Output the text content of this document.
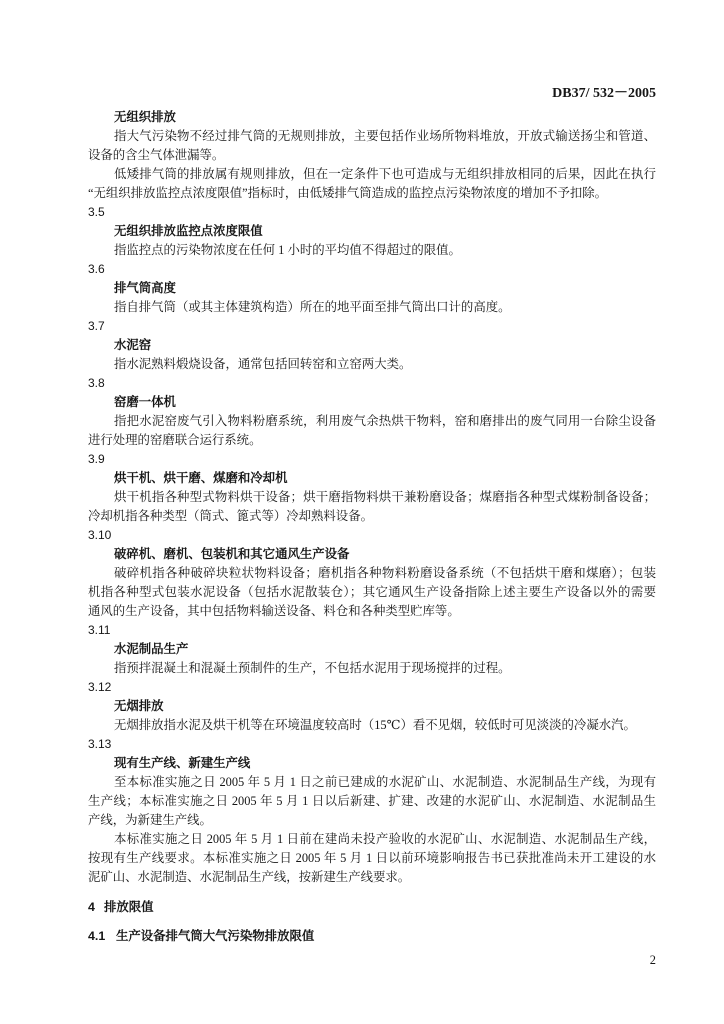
DB37/ 532－2005
无组织排放
指大气污染物不经过排气筒的无规则排放，主要包括作业场所物料堆放，开放式输送扬尘和管道、
设备的含尘气体泄漏等。
低矮排气筒的排放属有规则排放，但在一定条件下也可造成与无组织排放相同的后果，因此在执行
“无组织排放监控点浓度限值”指标时，由低矮排气筒造成的监控点污染物浓度的增加不予扣除。
3.5
无组织排放监控点浓度限值
指监控点的污染物浓度在任何 1 小时的平均值不得超过的限值。
3.6
排气筒高度
指自排气筒（或其主体建筑构造）所在的地平面至排气筒出口计的高度。
3.7
水泥窑
指水泥熟料煅烧设备，通常包括回转窑和立窑两大类。
3.8
窑磨一体机
指把水泥窑废气引入物料粉磨系统，利用废气余热烘干物料，窑和磨排出的废气同用一台除尘设备
进行处理的窑磨联合运行系统。
3.9
烘干机、烘干磨、煤磨和冷却机
烘干机指各种型式物料烘干设备；烘干磨指物料烘干兼粉磨设备；煤磨指各种型式煤粉制备设备；
冷却机指各种类型（筒式、篦式等）冷却熟料设备。
3.10
破碎机、磨机、包装机和其它通风生产设备
破碎机指各种破碎块粒状物料设备；磨机指各种物料粉磨设备系统（不包括烘干磨和煤磨）；包装
机指各种型式包装水泥设备（包括水泥散装仓）；其它通风生产设备指除上述主要生产设备以外的需要
通风的生产设备，其中包括物料输送设备、料仓和各种类型贮库等。
3.11
水泥制品生产
指预拌混凝土和混凝土预制件的生产，不包括水泥用于现场搅拌的过程。
3.12
无烟排放
无烟排放指水泥及烘干机等在环境温度较高时（15℃）看不见烟，较低时可见淡淡的冷凝水汽。
3.13
现有生产线、新建生产线
至本标准实施之日 2005 年 5 月 1 日之前已建成的水泥矿山、水泥制造、水泥制品生产线，为现有
生产线；本标准实施之日 2005 年 5 月 1 日以后新建、扩建、改建的水泥矿山、水泥制造、水泥制品生
产线，为新建生产线。
本标准实施之日 2005 年 5 月 1 日前在建尚未投产验收的水泥矿山、水泥制造、水泥制品生产线，
按现有生产线要求。本标准实施之日 2005 年 5 月 1 日以前环境影响报告书已获批准尚未开工建设的水
泥矿山、水泥制造、水泥制品生产线，按新建生产线要求。
4 排放限值
4.1 生产设备排气筒大气污染物排放限值
2
